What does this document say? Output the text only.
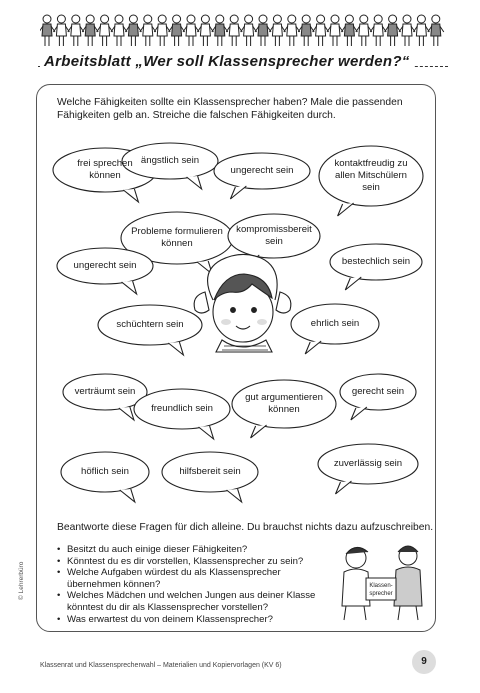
Arbeitsblatt „Wer soll Klassensprecher werden?“
Welche Fähigkeiten sollte ein Klassensprecher haben? Male die passenden Fähigkeiten gelb an. Streiche die falschen Fähigkeiten durch.
frei sprechen
können
ängstlich sein
ungerecht sein
kontaktfreudig zu
allen Mitschülern
sein
Probleme formulieren
können
kompromissbereit
sein
ungerecht sein	bestechlich sein
schüchtern sein	ehrlich sein
verträumt sein
freundlich sein
gut argumentieren
können
gerecht sein
höflich sein	hilfsbereit sein
zuverlässig sein
Beantworte diese Fragen für dich alleine. Du brauchst nichts dazu aufzuschreiben.
• Besitzt du auch einige dieser Fähigkeiten?
• Könntest du es dir vorstellen, Klassensprecher zu sein?
• Welche Aufgaben würdest du als Klassensprecher übernehmen können?
• Welches Mädchen und welchen Jungen aus deiner Klasse könntest du dir als Klassensprecher vorstellen?
• Was erwartest du von deinem Klassensprecher?
Klassen-
sprecher
© Lehrerbüro
Klassenrat und Klassensprecherwahl – Materialien und Kopiervorlagen (KV 6)	9
